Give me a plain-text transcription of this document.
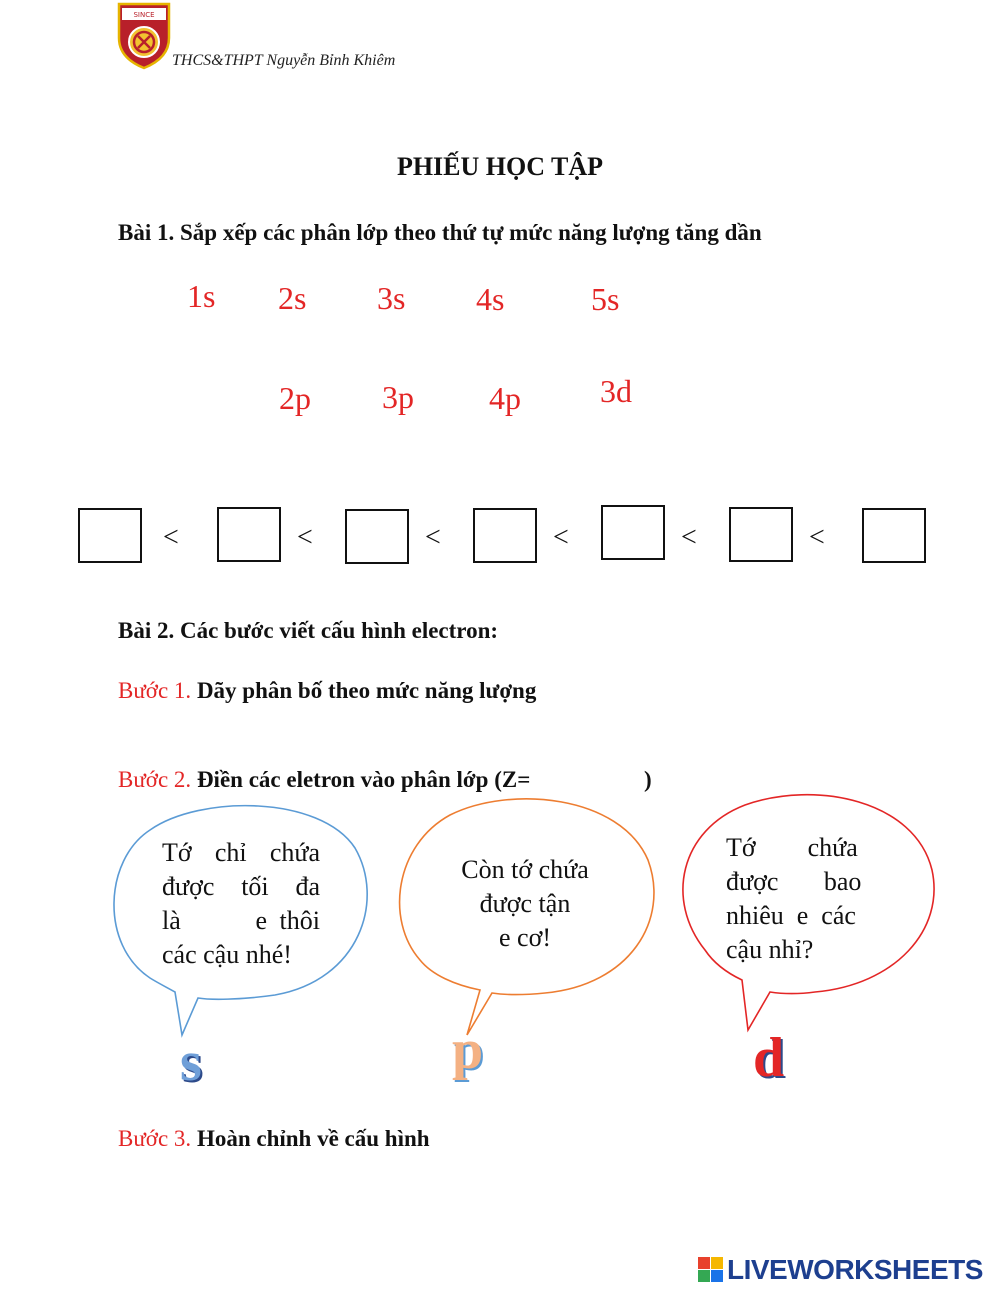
SINCE
THCS&THPT Nguyễn Bỉnh Khiêm
PHIẾU HỌC TẬP
Bài 1. Sắp xếp các phân lớp theo thứ tự mức năng lượng tăng dần
1s 2s 3s 4s	5s
2p 3p 4p 3d
<	<	<	<	<	<
Bài 2. Các bước viết cấu hình electron:
Bước 1. Dãy phân bố theo mức năng lượng
Bước 2. Điền các eletron vào phân lớp (Z=	)
Tớ chỉ chứa
được tối đa
là      e thôi
các cậu nhé!
Còn tớ chứa
được tận
e cơ!
Tớ        chứa
được       bao
nhiêu  e  các
cậu nhỉ?
s	p	d
Bước 3. Hoàn chỉnh về cấu hình
LIVEWORKSHEETS
